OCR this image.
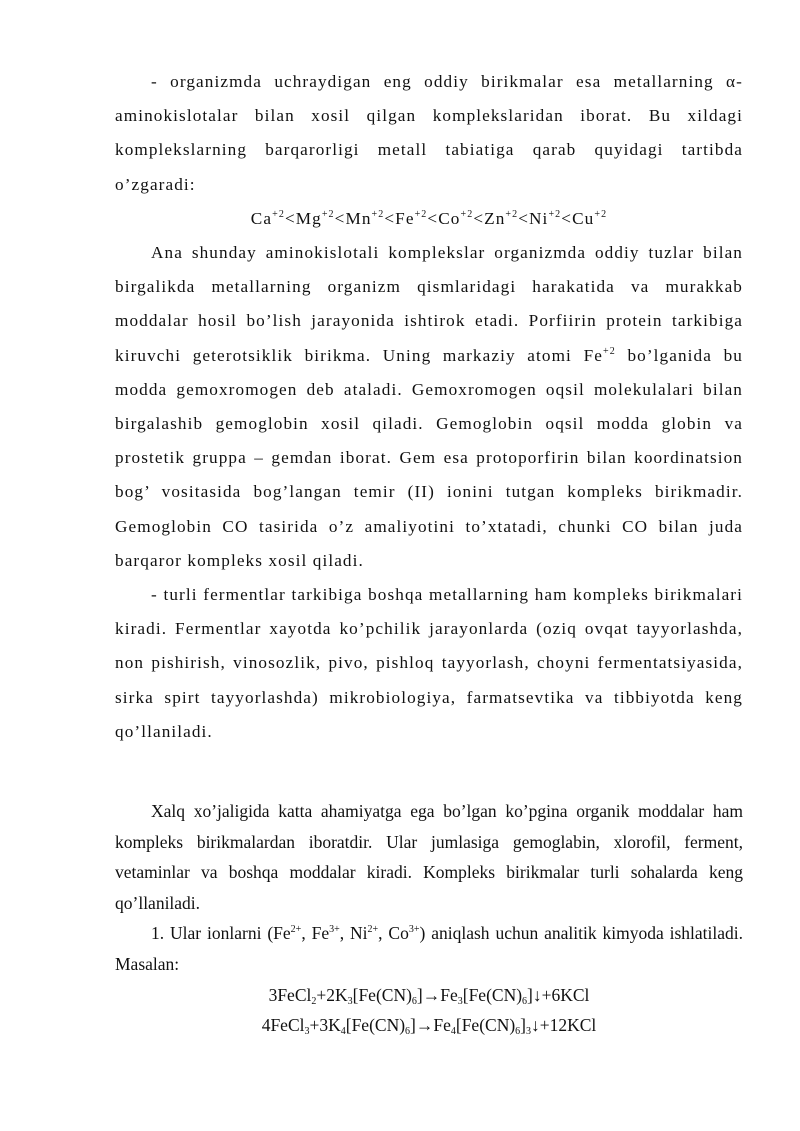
- organizmda uchraydigan eng oddiy birikmalar esa metallarning α- aminokislotalar bilan xosil qilgan komplekslaridan iborat. Bu xildagi komplekslarning barqarorligi metall tabiatiga qarab quyidagi tartibda o’zgaradi:

$Ca^{+2}<Mg^{+2}<Mn^{+2}<Fe^{+2}<Co^{+2}<Zn^{+2}<Ni^{+2}<Cu^{+2}$

Ana shunday aminokislotali komplekslar organizmda oddiy tuzlar bilan birgalikda metallarning organizm qismlaridagi harakatida va murakkab moddalar hosil bo’lish jarayonida ishtirok etadi. Porfiirin protein tarkibiga kiruvchi geterotsiklik birikma. Uning markaziy atomi $Fe^{+2}$ bo’lganida bu modda gemoxromogen deb ataladi. Gemoxromogen oqsil molekulalari bilan birgalashib gemoglobin xosil qiladi. Gemoglobin oqsil modda globin va prostetik gruppa – gemdan iborat. Gem esa protoporfirin bilan koordinatsion bog’ vositasida bog’langan temir (II) ionini tutgan kompleks birikmadir. Gemoglobin CO tasirida o’z amaliyotini to’xtatadi, chunki CO bilan juda barqaror kompleks xosil qiladi.

- turli fermentlar tarkibiga boshqa metallarning ham kompleks birikmalari kiradi. Fermentlar xayotda ko’pchilik jarayonlarda (oziq ovqat tayyorlashda, non pishirish, vinosozlik, pivo, pishloq tayyorlash, choyni fermentatsiyasida, sirka spirt tayyorlashda) mikrobiologiya, farmatsevtika va tibbiyotda keng qo’llaniladi.

Xalq xo’jaligida katta ahamiyatga ega bo’lgan ko’pgina organik moddalar ham kompleks birikmalardan iboratdir. Ular jumlasiga gemoglabin, xlorofil, ferment, vetaminlar va boshqa moddalar kiradi. Kompleks birikmalar turli sohalarda keng qo’llaniladi.

1. Ular ionlarni ($Fe^{2+}$, $Fe^{3+}$, $Ni^{2+}$, $Co^{3+}$) aniqlash uchun analitik kimyoda ishlatiladi. Masalan:

$3FeCl_2+2K_3[Fe(CN)_6]\to Fe_3[Fe(CN)_6]↓+6KCl$

$4FeCl_3+3K_4[Fe(CN)_6]\to Fe_4[Fe(CN)_6]_3↓+12KCl$
